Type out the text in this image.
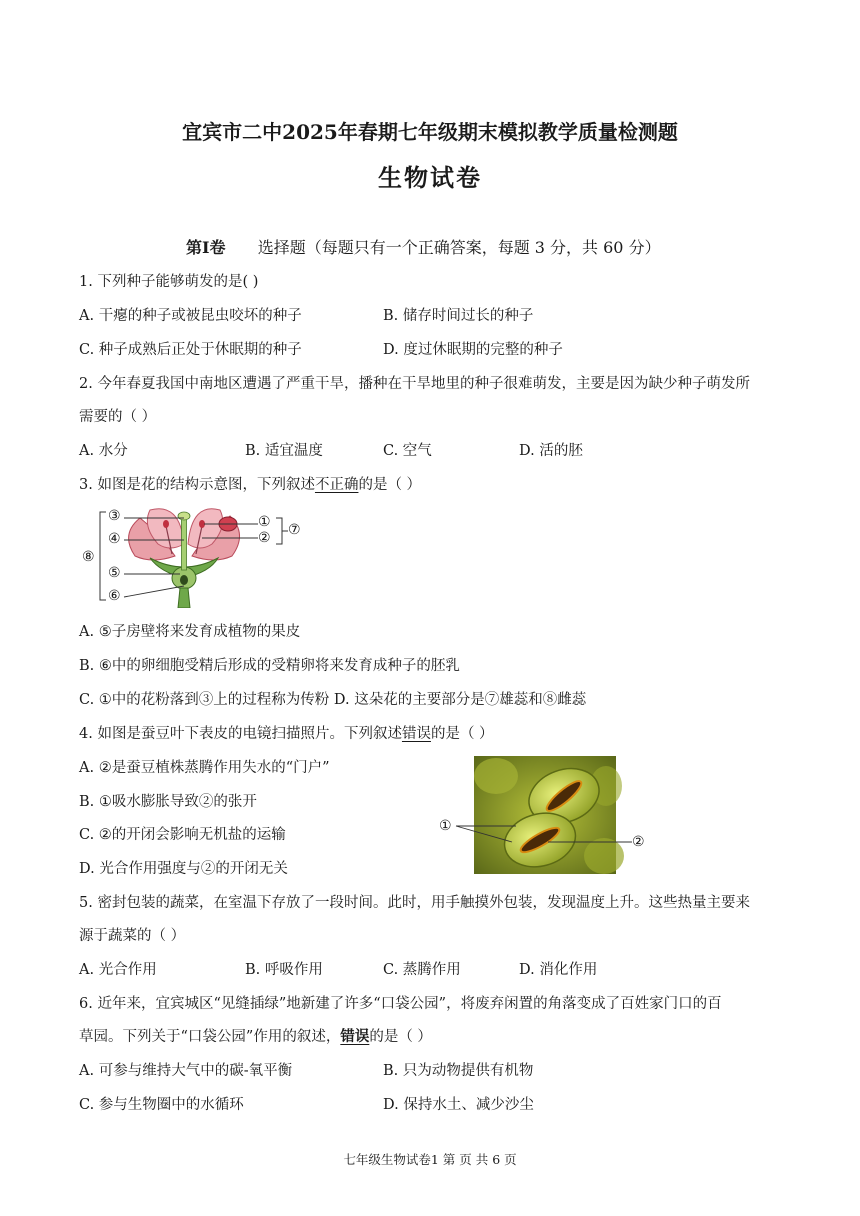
宜宾市二中2025年春期七年级期末模拟教学质量检测题
生物试卷
第Ⅰ卷 选择题（每题只有一个正确答案，每题 3 分，共 60 分）
1. 下列种子能够萌发的是( )
A. 干瘪的种子或被昆虫咬坏的种子	B. 储存时间过长的种子
C. 种子成熟后正处于休眠期的种子	D. 度过休眠期的完整的种子
2. 今年春夏我国中南地区遭遇了严重干旱，播种在干旱地里的种子很难萌发，主要是因为缺少种子萌发所
需要的（ ）
A. 水分	B. 适宜温度	C. 空气	D. 活的胚
3. 如图是花的结构示意图，下列叙述不正确的是（ ）
③
④
①
② ⑦
⑧
⑤
⑥
A. ⑤子房壁将来发育成植物的果皮
B. ⑥中的卵细胞受精后形成的受精卵将来发育成种子的胚乳
C. ①中的花粉落到③上的过程称为传粉 D. 这朵花的主要部分是⑦雄蕊和⑧雌蕊
4. 如图是蚕豆叶下表皮的电镜扫描照片。下列叙述错误的是（ ）
A. ②是蚕豆植株蒸腾作用失水的“门户”
B. ①吸水膨胀导致②的张开
C. ②的开闭会影响无机盐的运输
D. 光合作用强度与②的开闭无关
①
②
5. 密封包装的蔬菜，在室温下存放了一段时间。此时，用手触摸外包装，发现温度上升。这些热量主要来
源于蔬菜的（ ）
A. 光合作用	B. 呼吸作用	C. 蒸腾作用	D. 消化作用
6. 近年来，宜宾城区“见缝插绿”地新建了许多“口袋公园”，将废弃闲置的角落变成了百姓家门口的百
草园。下列关于“口袋公园”作用的叙述，错误的是（ ）
A. 可参与维持大气中的碳-氧平衡	B. 只为动物提供有机物
C. 参与生物圈中的水循环	D. 保持水土、减少沙尘
七年级生物试卷1 第 页 共 6 页
